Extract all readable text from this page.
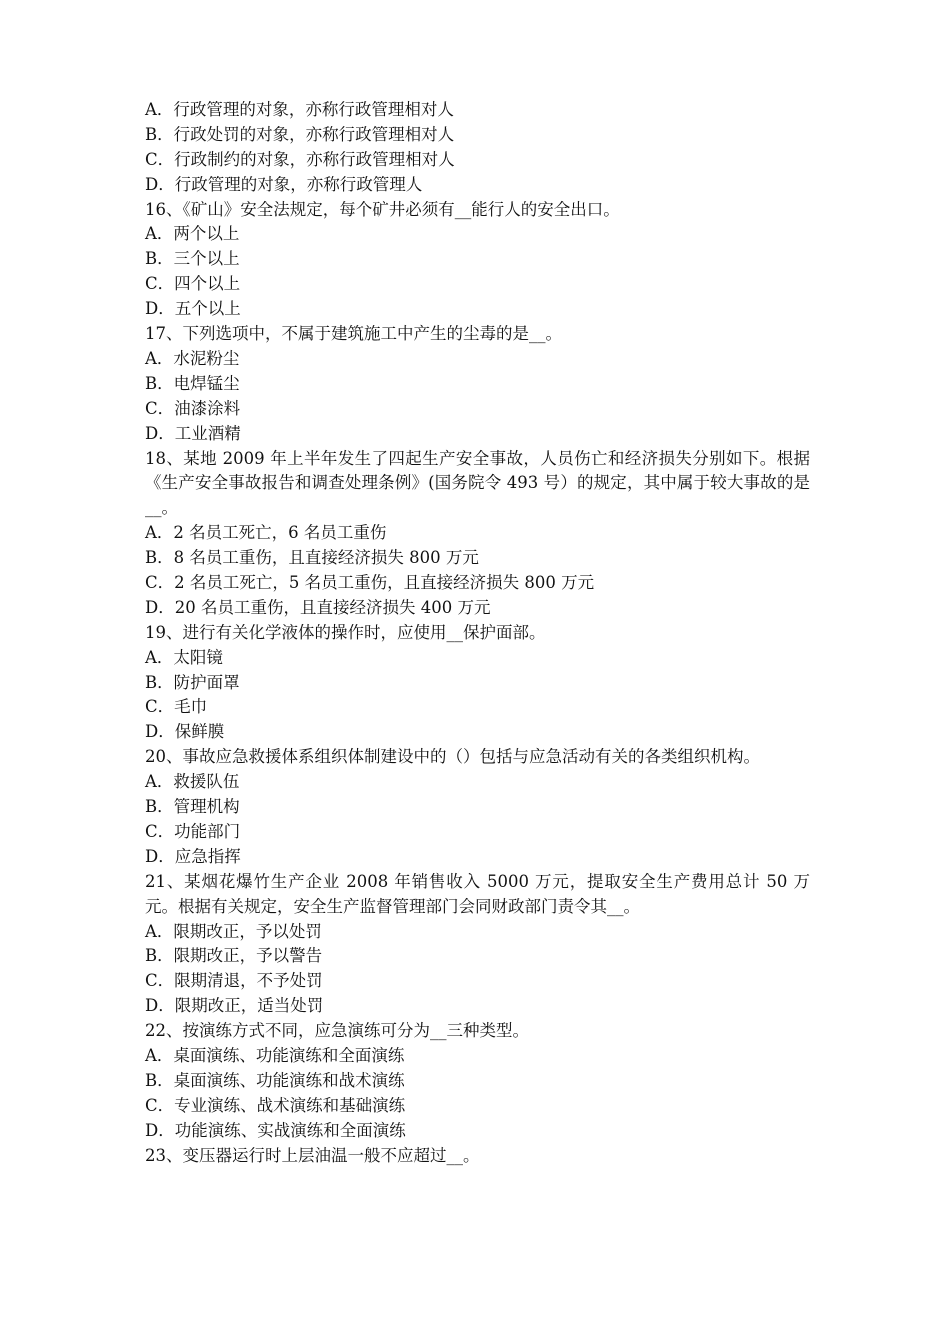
A．行政管理的对象，亦称行政管理相对人
B．行政处罚的对象，亦称行政管理相对人
C．行政制约的对象，亦称行政管理相对人
D．行政管理的对象，亦称行政管理人
16、《矿山》安全法规定，每个矿井必须有__能行人的安全出口。
A．两个以上
B．三个以上
C．四个以上
D．五个以上
17、下列选项中，不属于建筑施工中产生的尘毒的是__。
A．水泥粉尘
B．电焊锰尘
C．油漆涂料
D．工业酒精
18、某地 2009 年上半年发生了四起生产安全事故，人员伤亡和经济损失分别如下。根据《生产安全事故报告和调查处理条例》(国务院令 493 号）的规定，其中属于较大事故的是__。
A．2 名员工死亡，6 名员工重伤
B．8 名员工重伤，且直接经济损失 800 万元
C．2 名员工死亡，5 名员工重伤，且直接经济损失 800 万元
D．20 名员工重伤，且直接经济损失 400 万元
19、进行有关化学液体的操作时，应使用__保护面部。
A．太阳镜
B．防护面罩
C．毛巾
D．保鲜膜
20、事故应急救援体系组织体制建设中的（）包括与应急活动有关的各类组织机构。
A．救援队伍
B．管理机构
C．功能部门
D．应急指挥
21、某烟花爆竹生产企业 2008 年销售收入 5000 万元，提取安全生产费用总计 50 万元。根据有关规定，安全生产监督管理部门会同财政部门责令其__。
A．限期改正，予以处罚
B．限期改正，予以警告
C．限期清退，不予处罚
D．限期改正，适当处罚
22、按演练方式不同，应急演练可分为__三种类型。
A．桌面演练、功能演练和全面演练
B．桌面演练、功能演练和战术演练
C．专业演练、战术演练和基础演练
D．功能演练、实战演练和全面演练
23、变压器运行时上层油温一般不应超过__。
